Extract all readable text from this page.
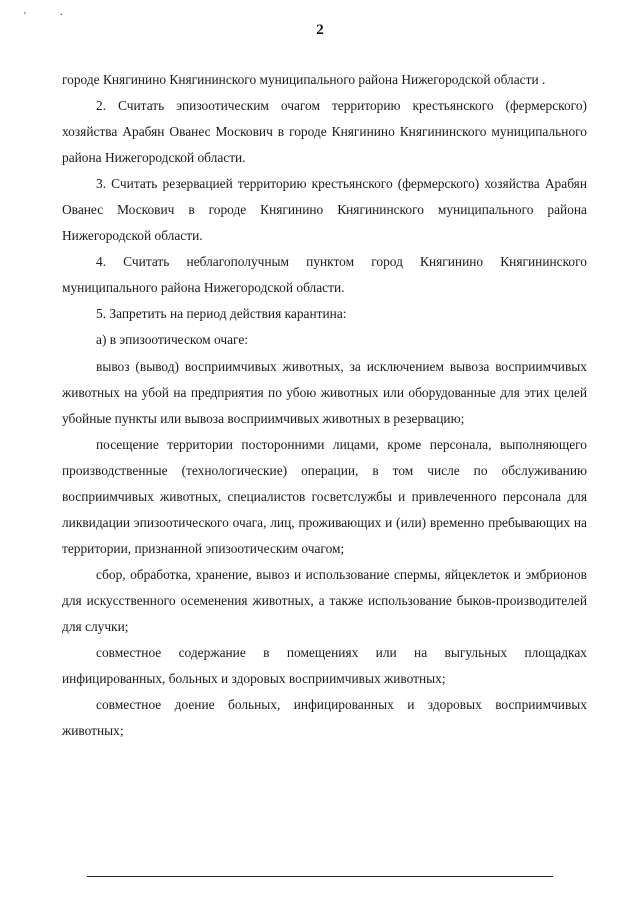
'	.
2

городе Княгинино Княгининского муниципального района Нижегородской области .

2. Считать эпизоотическим очагом территорию крестьянского (фермерского) хозяйства Арабян Ованес Москович в городе Княгинино Княгининского муниципального района Нижегородской области.

3. Считать резервацией территорию крестьянского (фермерского) хозяйства Арабян Ованес Москович в городе Княгинино Княгининского муниципального района Нижегородской области.

4. Считать неблагополучным пунктом город Княгинино Княгининского муниципального района Нижегородской области.

5. Запретить на период действия карантина:

а) в эпизоотическом очаге:

вывоз (вывод) восприимчивых животных, за исключением вывоза восприимчивых животных на убой на предприятия по убою животных или оборудованные для этих целей убойные пункты или вывоза восприимчивых животных в резервацию;

посещение территории посторонними лицами, кроме персонала, выполняющего производственные (технологические) операции, в том числе по обслуживанию восприимчивых животных, специалистов госветслужбы и привлеченного персонала для ликвидации эпизоотического очага, лиц, проживающих и (или) временно пребывающих на территории, признанной эпизоотическим очагом;

сбор, обработка, хранение, вывоз и использование спермы, яйцеклеток и эмбрионов для искусственного осеменения животных, а также использование быков-производителей для случки;

совместное содержание в помещениях или на выгульных площадках инфицированных, больных и здоровых восприимчивых животных;

совместное доение больных, инфицированных и здоровых восприимчивых животных;
